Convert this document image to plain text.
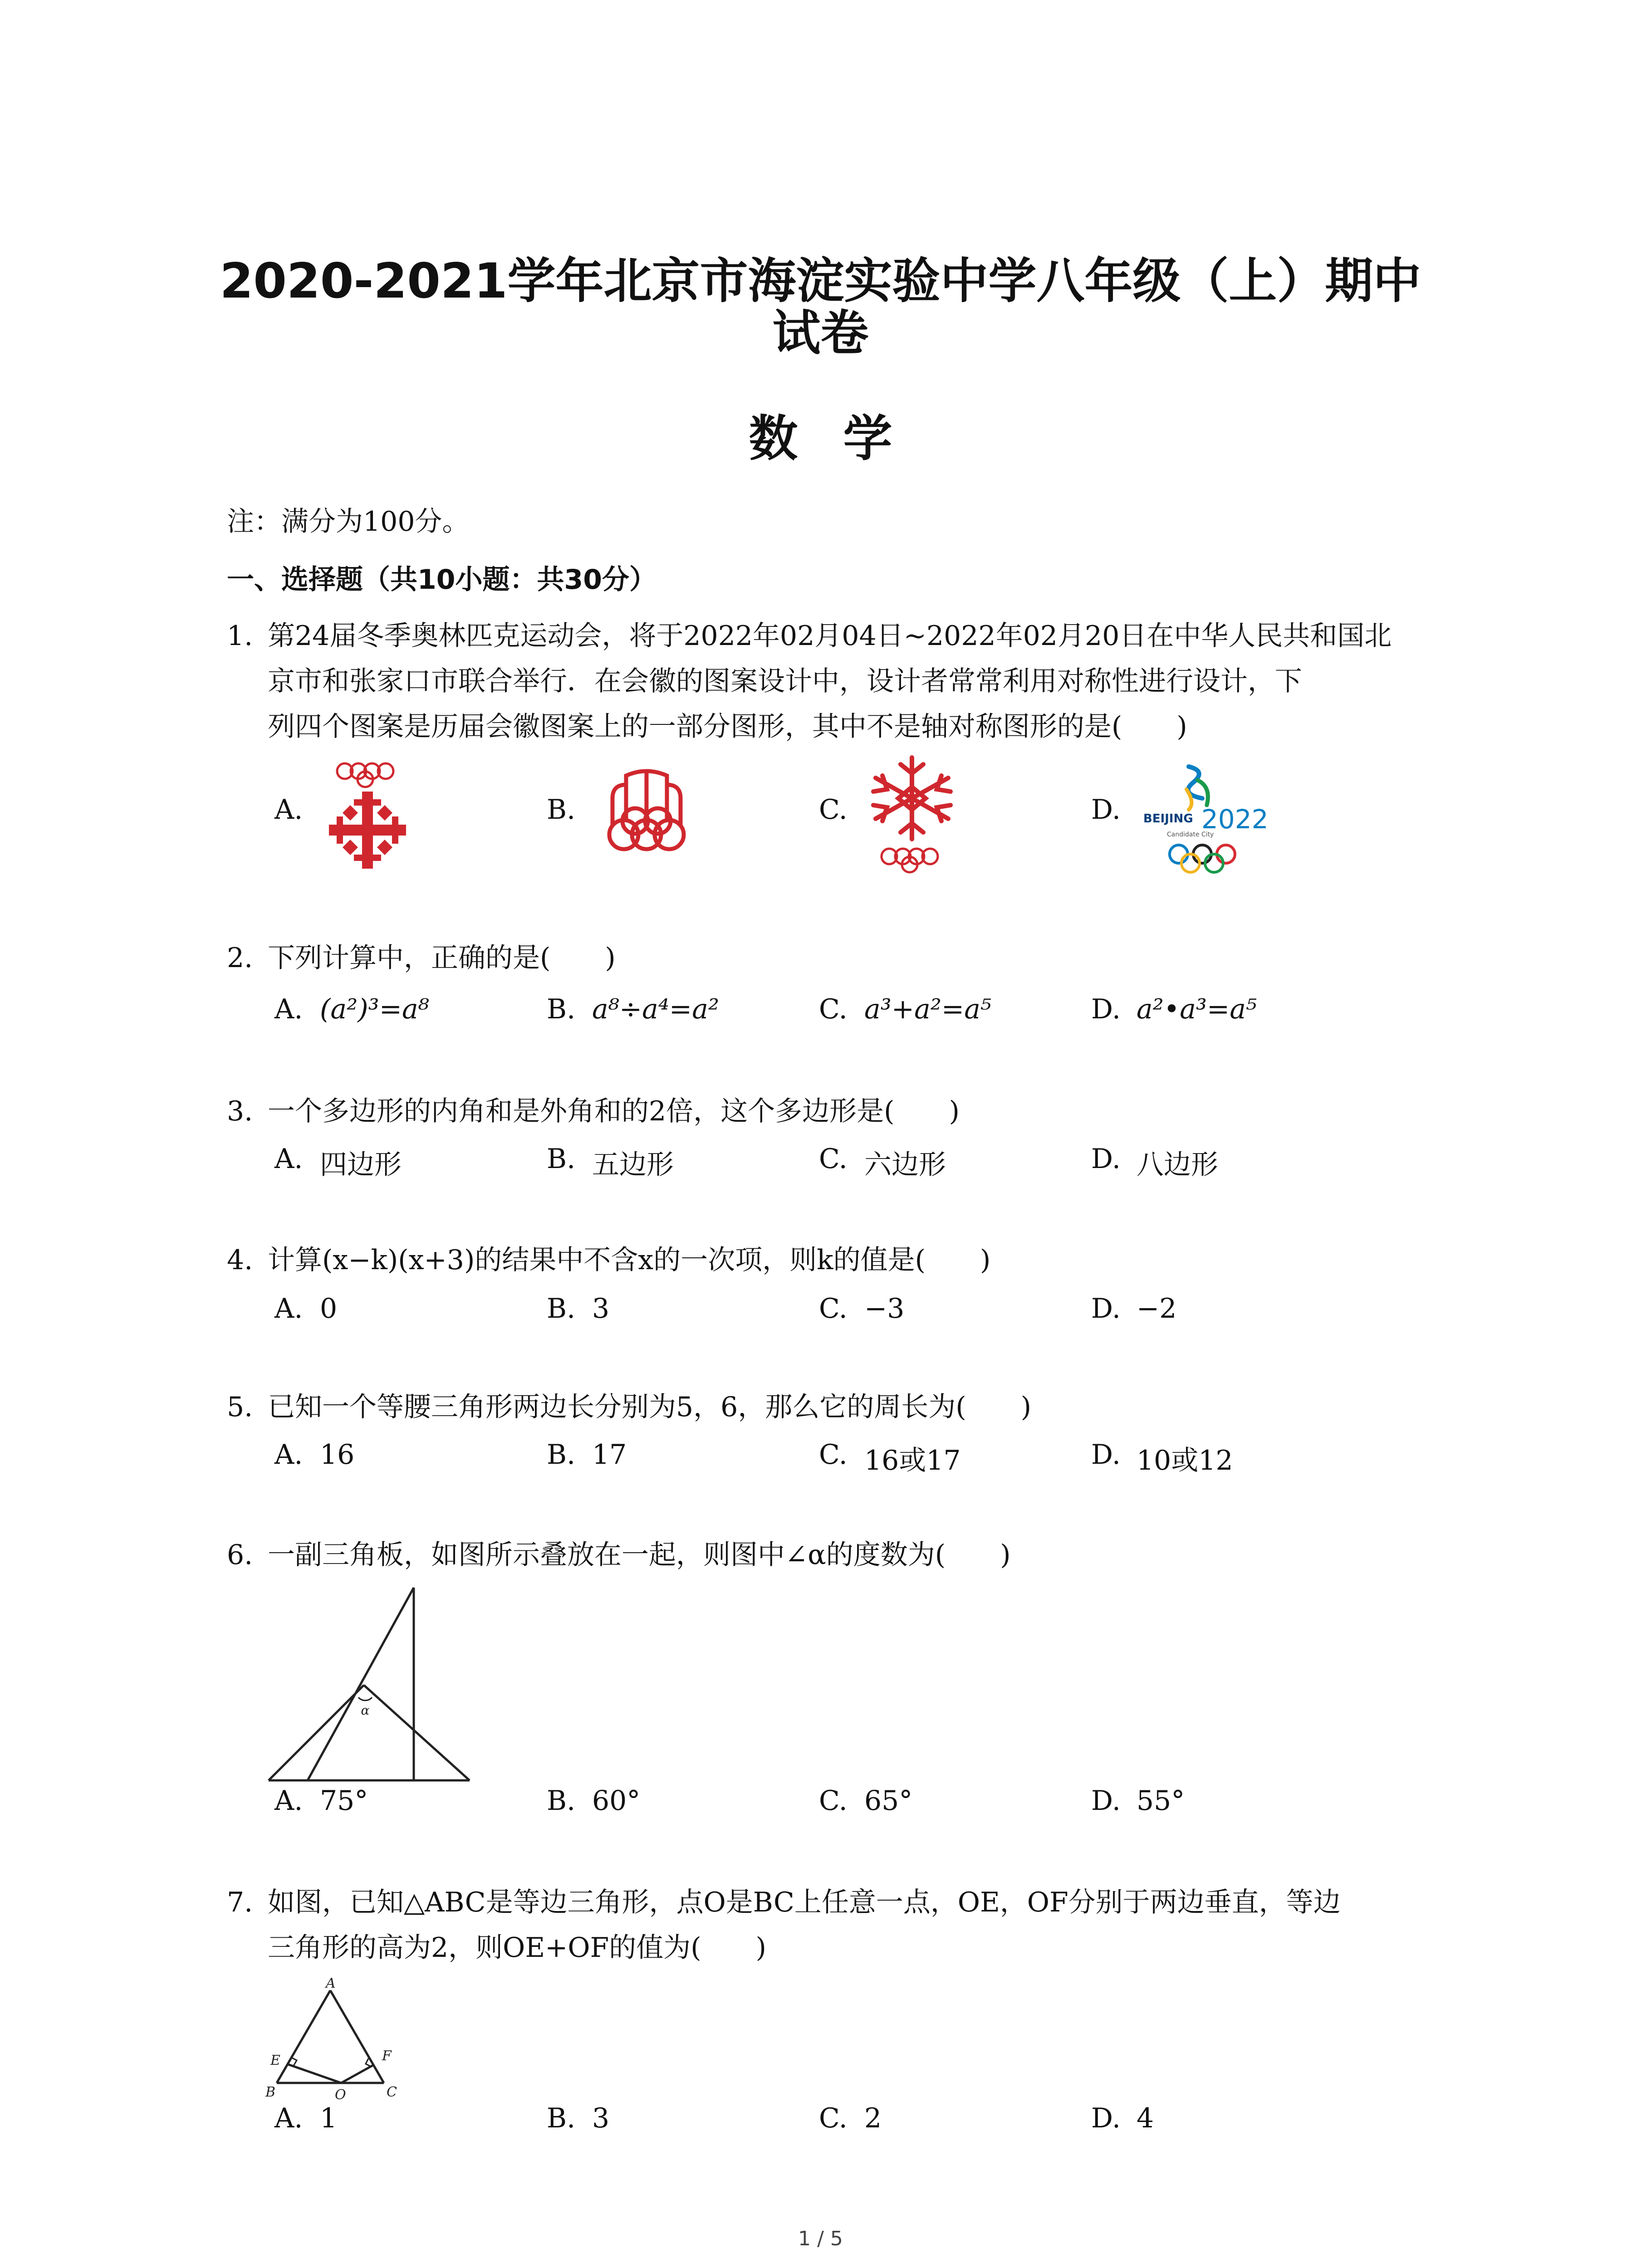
2020-2021学年北京市海淀实验中学八年级（上）期中
试卷
数学
注：满分为100分。
一、选择题（共10小题：共30分）
1. 第24届冬季奥林匹克运动会，将于2022年02月04日~2022年02月20日在中华人民共和国北
京市和张家口市联合举行．在会徽的图案设计中，设计者常常利用对称性进行设计，下
列四个图案是历届会徽图案上的一部分图形，其中不是轴对称图形的是(　　)
A.	B.	C.	D. BEIJING 2022
Candidate City
2. 下列计算中，正确的是(　　)
A. (a²)³=a⁸	B. a⁸÷a⁴=a²	C. a³+a²=a⁵	D. a²•a³=a⁵
3. 一个多边形的内角和是外角和的2倍，这个多边形是(　　)
A. 四边形	B. 五边形	C. 六边形	D. 八边形
4. 计算(x−k)(x+3)的结果中不含x的一次项，则k的值是(　　)
A. 0	B. 3	C. −3	D. −2
5. 已知一个等腰三角形两边长分别为5，6，那么它的周长为(　　)
A. 16	B. 17	C. 16或17	D. 10或12
6. 一副三角板，如图所示叠放在一起，则图中∠α的度数为(　　)
α
A. 75°	B. 60°	C. 65°	D. 55°
7. 如图，已知△ABC是等边三角形，点O是BC上任意一点，OE，OF分别于两边垂直，等边
三角形的高为2，则OE+OF的值为(　　)
A
B	C
E	F
O
A. 1	B. 3	C. 2	D. 4
1 / 5
